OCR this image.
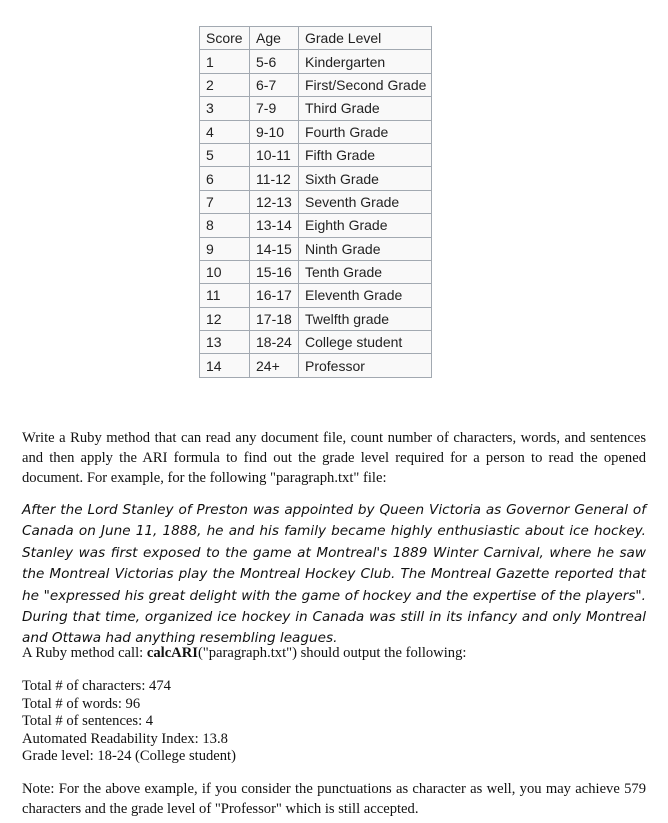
Score	Age	Grade Level
1	5-6	Kindergarten
2	6-7	First/Second Grade
3	7-9	Third Grade
4	9-10	Fourth Grade
5	10-11	Fifth Grade
6	11-12	Sixth Grade
7	12-13	Seventh Grade
8	13-14	Eighth Grade
9	14-15	Ninth Grade
10	15-16	Tenth Grade
11	16-17	Eleventh Grade
12	17-18	Twelfth grade
13	18-24	College student
14	24+	Professor

Write a Ruby method that can read any document file, count number of characters, words, and sentences and then apply the ARI formula to find out the grade level required for a person to read the opened document. For example, for the following "paragraph.txt" file:

After the Lord Stanley of Preston was appointed by Queen Victoria as Governor General of Canada on June 11, 1888, he and his family became highly enthusiastic about ice hockey. Stanley was first exposed to the game at Montreal's 1889 Winter Carnival, where he saw the Montreal Victorias play the Montreal Hockey Club. The Montreal Gazette reported that he "expressed his great delight with the game of hockey and the expertise of the players". During that time, organized ice hockey in Canada was still in its infancy and only Montreal and Ottawa had anything resembling leagues.

A Ruby method call: calcARI("paragraph.txt") should output the following:

Total # of characters: 474
Total # of words: 96
Total # of sentences: 4
Automated Readability Index: 13.8
Grade level: 18-24 (College student)

Note: For the above example, if you consider the punctuations as character as well, you may achieve 579 characters and the grade level of "Professor" which is still accepted.
